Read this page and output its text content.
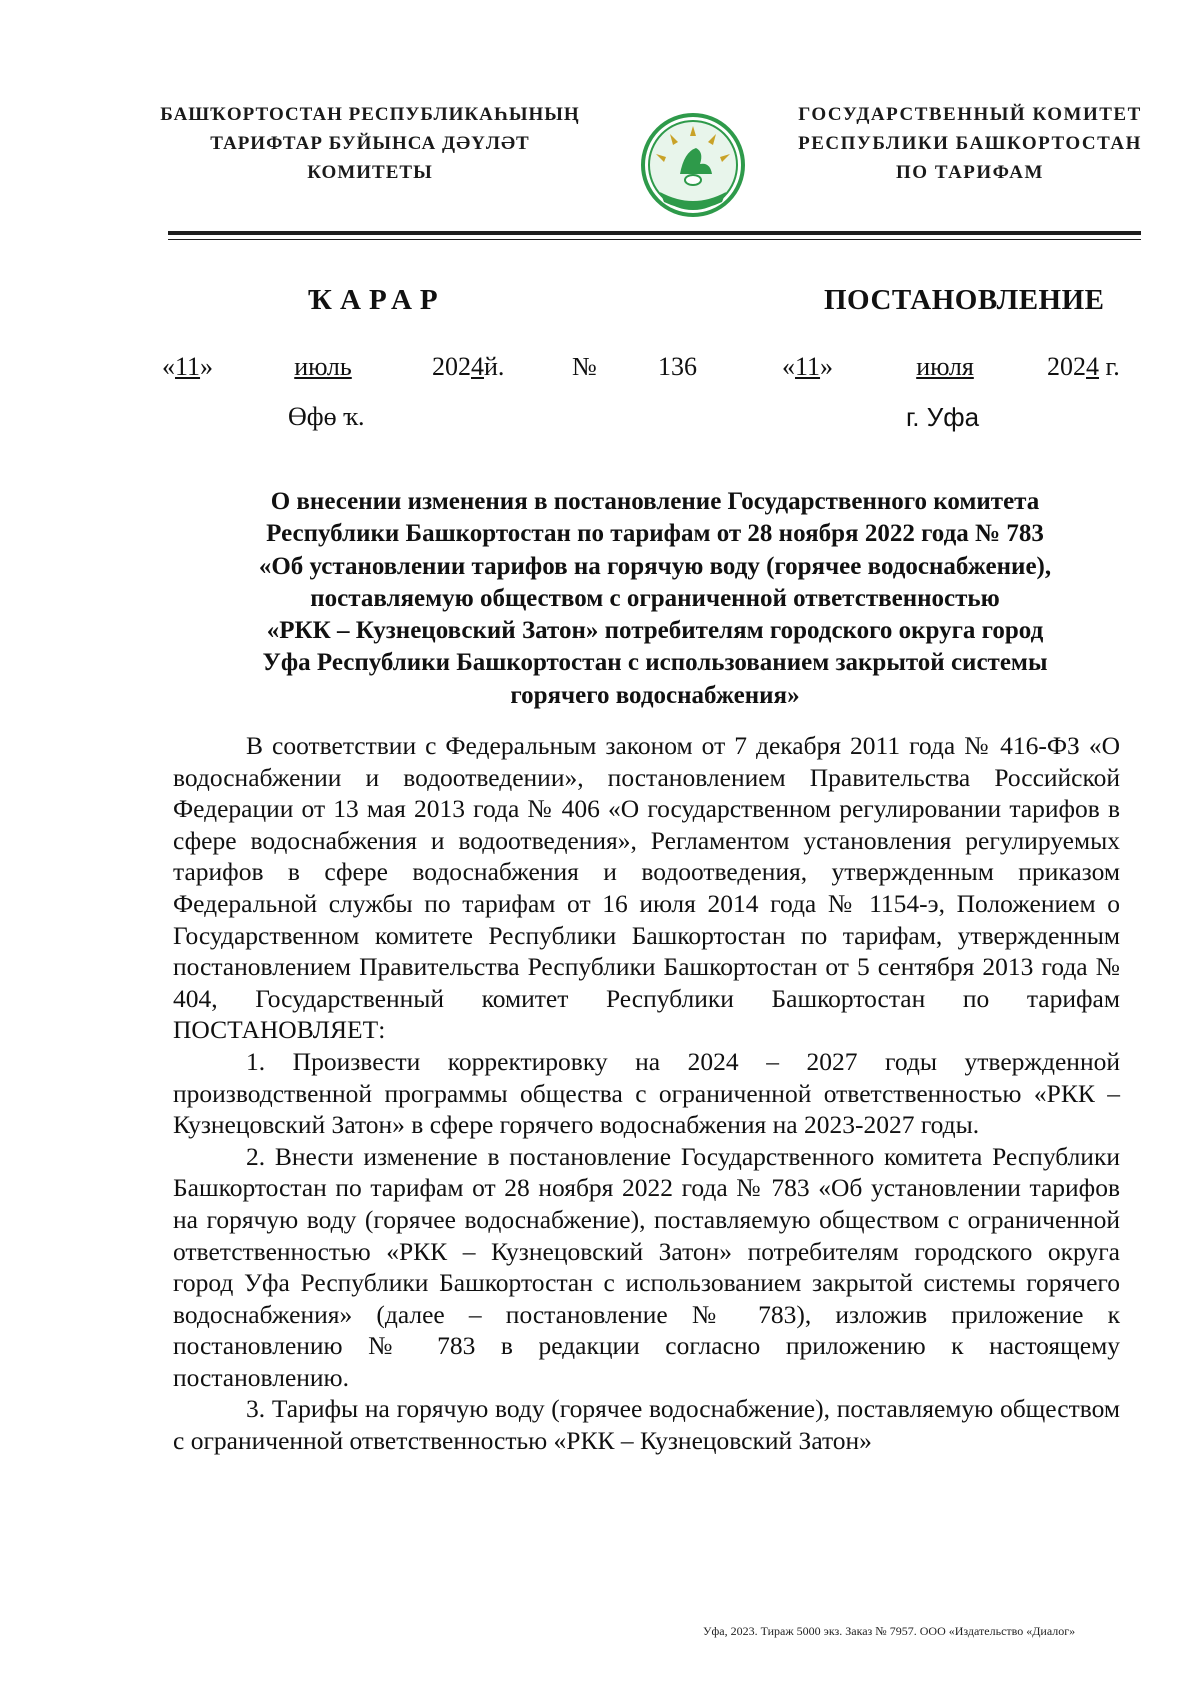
БАШҠОРТОСТАН РЕСПУБЛИКАҺЫНЫҢ
ТАРИФТАР БУЙЫНСА ДӘҮЛӘТ
КОМИТЕТЫ
ГОСУДАРСТВЕННЫЙ КОМИТЕТ
РЕСПУБЛИКИ БАШКОРТОСТАН
ПО ТАРИФАМ
ҠАРАР	ПОСТАНОВЛЕНИЕ
«11»	июль	2024й.	№ 136	«11»	июля	2024 г.
Өфө ҡ.	г. Уфа
О внесении изменения в постановление Государственного комитета
Республики Башкортостан по тарифам от 28 ноября 2022 года № 783
«Об установлении тарифов на горячую воду (горячее водоснабжение),
поставляемую обществом с ограниченной ответственностью
«РКК – Кузнецовский Затон» потребителям городского округа город
Уфа Республики Башкортостан с использованием закрытой системы
горячего водоснабжения»

В соответствии с Федеральным законом от 7 декабря 2011 года № 416-ФЗ «О водоснабжении и водоотведении», постановлением Правительства Российской Федерации от 13 мая 2013 года № 406 «О государственном регулировании тарифов в сфере водоснабжения и водоотведения», Регламентом установления регулируемых тарифов в сфере водоснабжения и водоотведения, утвержденным приказом Федеральной службы по тарифам от 16 июля 2014 года № 1154-э, Положением о Государственном комитете Республики Башкортостан по тарифам, утвержденным постановлением Правительства Республики Башкортостан от 5 сентября 2013 года № 404, Государственный комитет Республики Башкортостан по тарифам ПОСТАНОВЛЯЕТ:

1. Произвести корректировку на 2024 – 2027 годы утвержденной производственной программы общества с ограниченной ответственностью «РКК – Кузнецовский Затон» в сфере горячего водоснабжения на 2023-2027 годы.

2. Внести изменение в постановление Государственного комитета Республики Башкортостан по тарифам от 28 ноября 2022 года № 783 «Об установлении тарифов на горячую воду (горячее водоснабжение), поставляемую обществом с ограниченной ответственностью «РКК – Кузнецовский Затон» потребителям городского округа город Уфа Республики Башкортостан с использованием закрытой системы горячего водоснабжения» (далее – постановление № 783), изложив приложение к постановлению № 783 в редакции согласно приложению к настоящему постановлению.

3. Тарифы на горячую воду (горячее водоснабжение), поставляемую обществом с ограниченной ответственностью «РКК – Кузнецовский Затон»

Уфа, 2023. Тираж 5000 экз. Заказ № 7957. ООО «Издательство «Диалог»
